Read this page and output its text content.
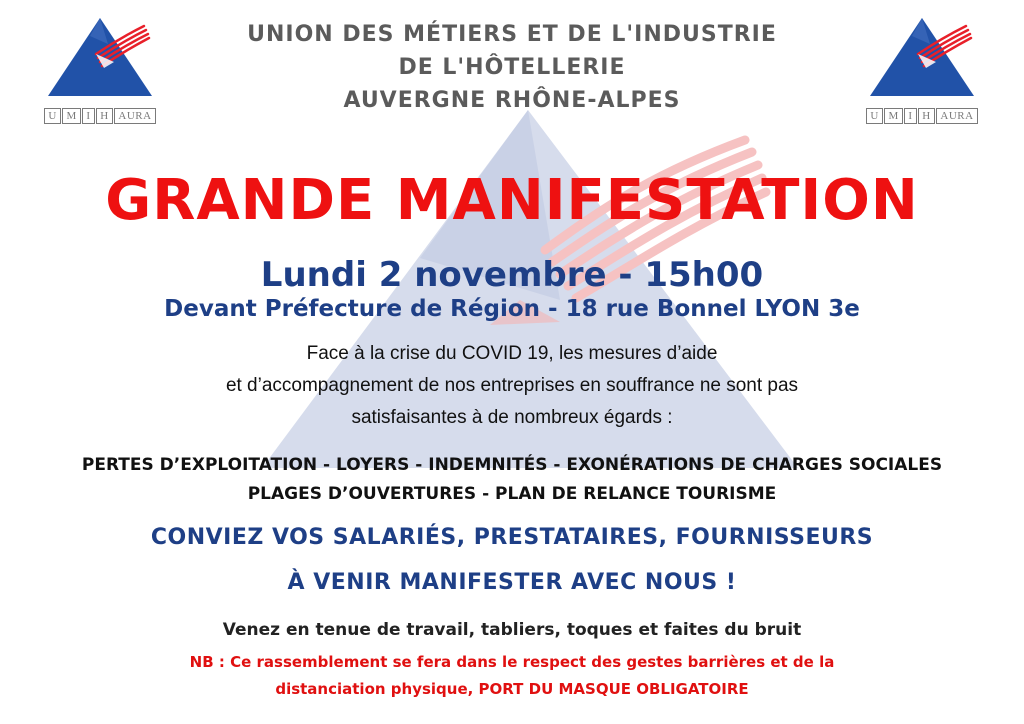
U M I H AURA	U M I H AURA
UNION DES MÉTIERS ET DE L'INDUSTRIE
DE L'HÔTELLERIE
AUVERGNE RHÔNE-ALPES
GRANDE MANIFESTATION
Lundi 2 novembre - 15h00
Devant Préfecture de Région - 18 rue Bonnel LYON 3e
Face à la crise du COVID 19, les mesures d’aide
et d’accompagnement de nos entreprises en souffrance ne sont pas
satisfaisantes à de nombreux égards :
PERTES D’EXPLOITATION - LOYERS - INDEMNITÉS - EXONÉRATIONS DE CHARGES SOCIALES
PLAGES D’OUVERTURES - PLAN DE RELANCE TOURISME
CONVIEZ VOS SALARIÉS, PRESTATAIRES, FOURNISSEURS
À VENIR MANIFESTER AVEC NOUS !
Venez en tenue de travail, tabliers, toques et faites du bruit
NB : Ce rassemblement se fera dans le respect des gestes barrières et de la
distanciation physique, PORT DU MASQUE OBLIGATOIRE
